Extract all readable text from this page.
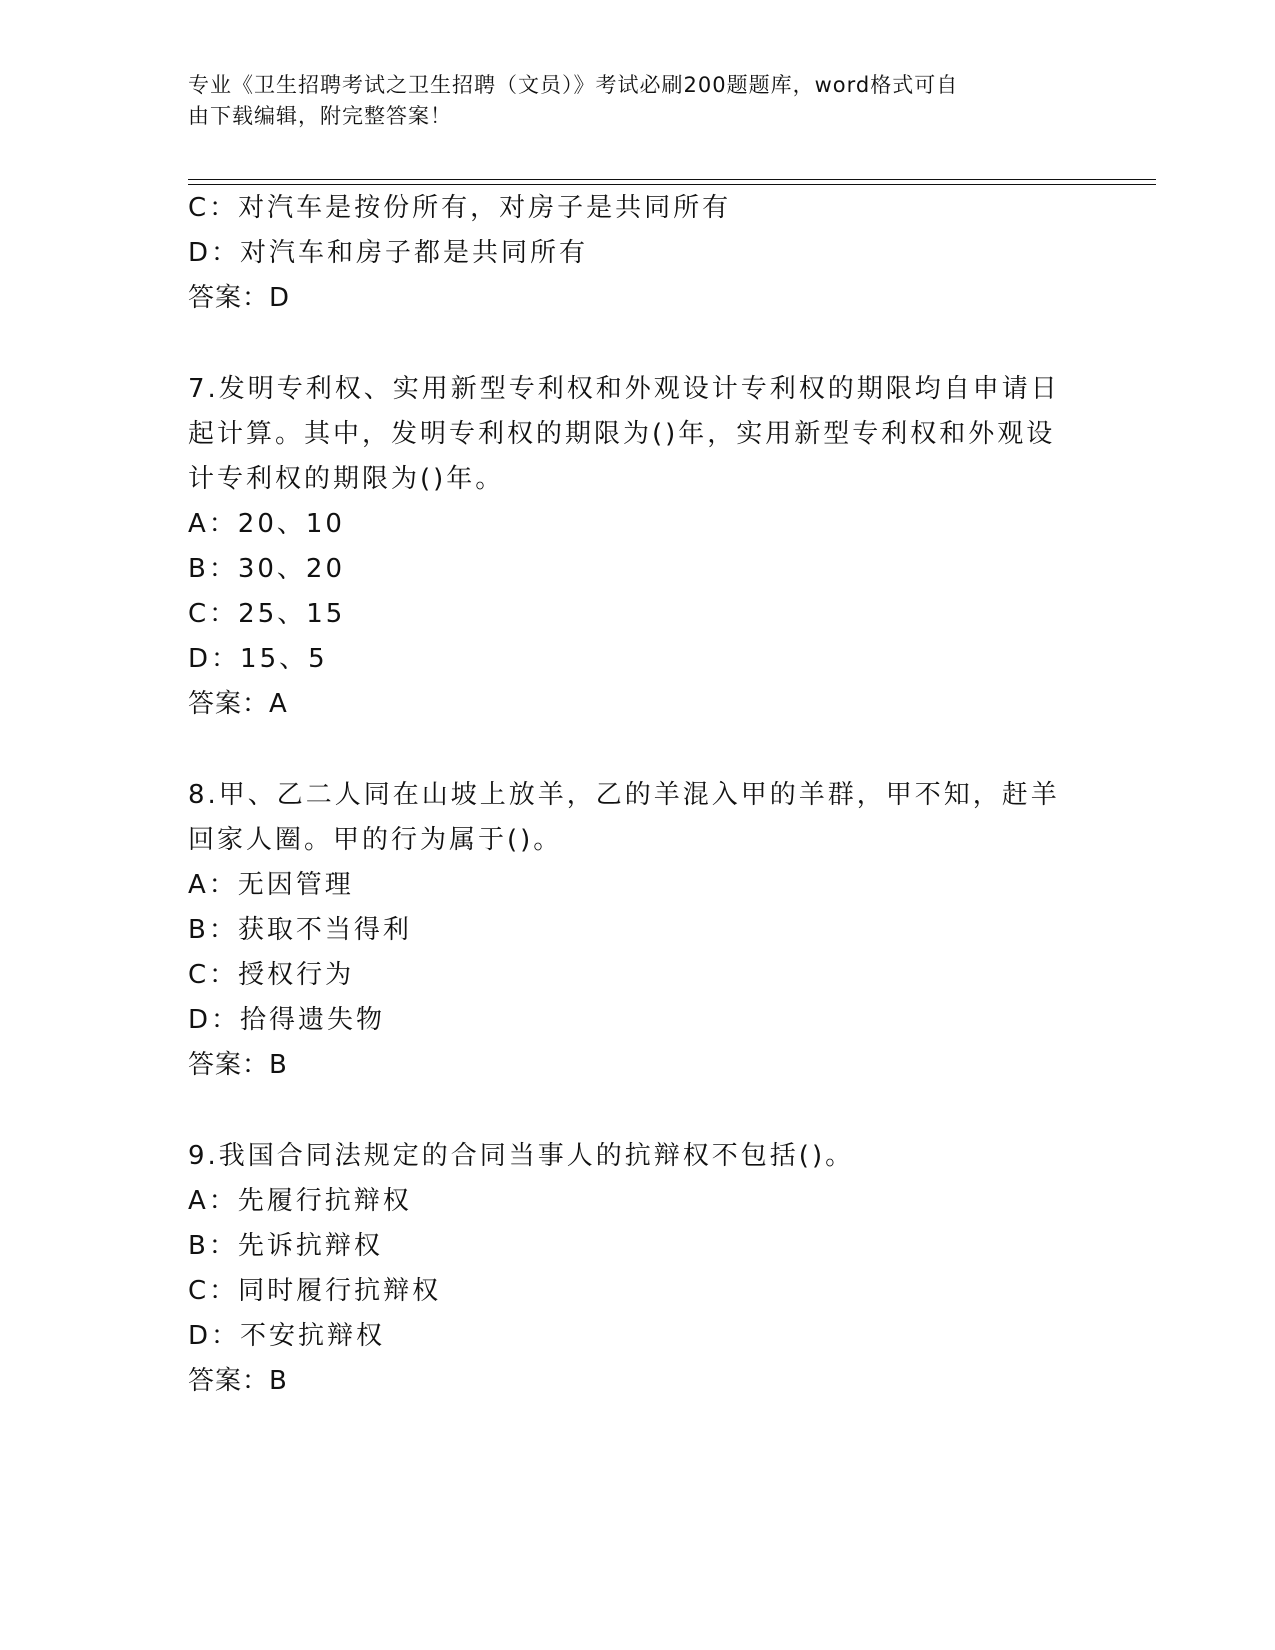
专业《卫生招聘考试之卫生招聘（文员）》考试必刷200题题库，word格式可自
由下载编辑，附完整答案！
C：对汽车是按份所有，对房子是共同所有
D：对汽车和房子都是共同所有
答案：D
7.发明专利权、实用新型专利权和外观设计专利权的期限均自申请日
起计算。其中，发明专利权的期限为()年，实用新型专利权和外观设
计专利权的期限为()年。
A：20、10
B：30、20
C：25、15
D：15、5
答案：A
8.甲、乙二人同在山坡上放羊，乙的羊混入甲的羊群，甲不知，赶羊
回家人圈。甲的行为属于()。
A：无因管理
B：获取不当得利
C：授权行为
D：拾得遗失物
答案：B
9.我国合同法规定的合同当事人的抗辩权不包括()。
A：先履行抗辩权
B：先诉抗辩权
C：同时履行抗辩权
D：不安抗辩权
答案：B
